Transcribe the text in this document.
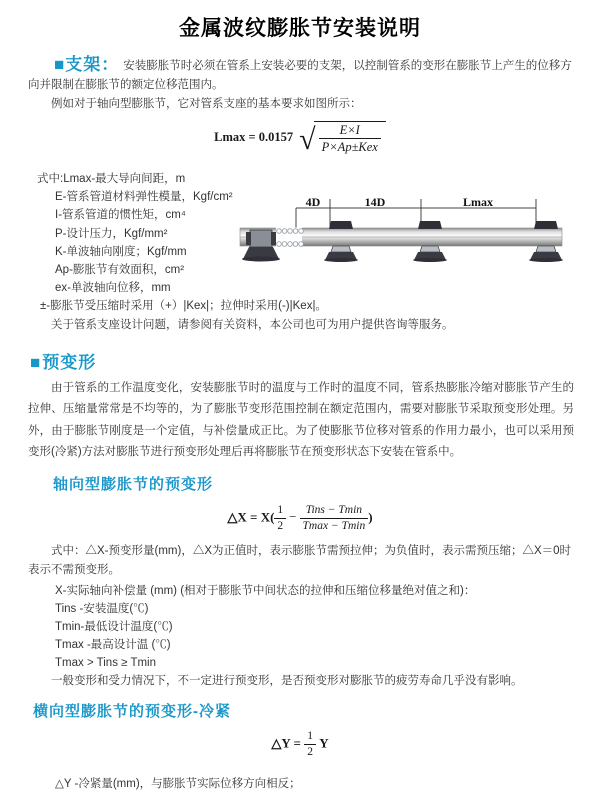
金属波纹膨胀节安装说明

■支架： 安装膨胀节时必须在管系上安装必要的支架，以控制管系的变形在膨胀节上产生的位移方向并限制在膨胀节的额定位移范围内。

例如对于轴向型膨胀节，它对管系支座的基本要求如图所示：

Lmax = 0.0157 √ $\frac{E\times I}{\text{P×Ap±Kex}}$
式中:Lmax-最大导向间距，m
E-管系管道材料弹性模量，Kgf/cm²
I-管系管道的惯性矩，cm⁴
P-设计压力，Kgf/mm²
K-单波轴向刚度；Kgf/mm
Ap-膨胀节有效面积，cm²
ex-单波轴向位移，mm
±-膨胀节受压缩时采用（+）|Kex|；拉伸时采用(-)|Kex|。

关于管系支座设计问题，请参阅有关资料，本公司也可为用户提供咨询等服务。

4D	14D	Lmax
■预变形

由于管系的工作温度变化，安装膨胀节时的温度与工作时的温度不同，管系热膨胀冷缩对膨胀节产生的拉伸、压缩量常常是不均等的，为了膨胀节变形范围控制在额定范围内，需要对膨胀节采取预变形处理。另外，由于膨胀节刚度是一个定值，与补偿量成正比。为了使膨胀节位移对管系的作用力最小，也可以采用预变形(冷紧)方法对膨胀节进行预变形处理后再将膨胀节在预变形状态下安装在管系中。

轴向型膨胀节的预变形
△X = $X( \frac{1}{2} - \frac{\text{Tins − Tmin}}{Tmax - Tmin}$ )

式中：△X-预变形量(mm)，△X为正值时，表示膨胀节需预拉伸；为负值时，表示需预压缩；△X＝0时表示不需预变形。

X-实际轴向补偿量 (mm) (相对于膨胀节中间状态的拉伸和压缩位移量绝对值之和)：
Tins -安装温度(℃)
Tmin-最低设计温度(℃)
Tmax -最高设计温 (℃)
Tmax > Tins ≥ Tmin

一般变形和受力情况下，不一定进行预变形，是否预变形对膨胀节的疲劳寿命几乎没有影响。

横向型膨胀节的预变形-冷紧
△Y = $\frac{1}{2}$ Y

△Y -冷紧量(mm)，与膨胀节实际位移方向相反；
